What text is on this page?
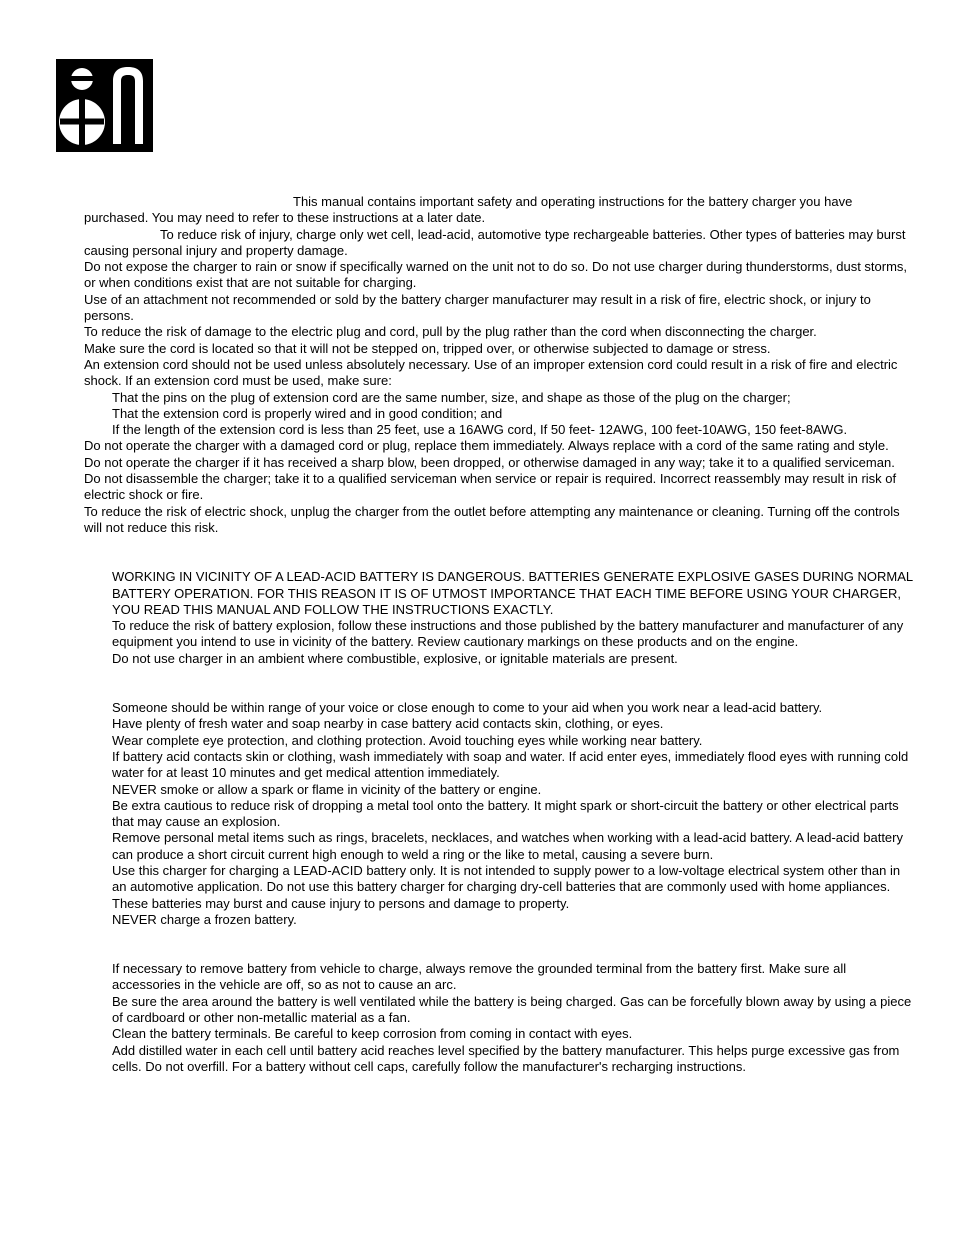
This manual contains important safety and operating instructions for the battery charger you have purchased. You may need to refer to these instructions at a later date.

To reduce risk of injury, charge only wet cell, lead-acid, automotive type rechargeable batteries. Other types of batteries may burst causing personal injury and property damage.

Do not expose the charger to rain or snow if specifically warned on the unit not to do so. Do not use charger during thunderstorms, dust storms, or when conditions exist that are not suitable for charging.

Use of an attachment not recommended or sold by the battery charger manufacturer may result in a risk of fire, electric shock, or injury to persons.

To reduce the risk of damage to the electric plug and cord, pull by the plug rather than the cord when disconnecting the charger.

Make sure the cord is located so that it will not be stepped on, tripped over, or otherwise subjected to damage or stress.

An extension cord should not be used unless absolutely necessary. Use of an improper extension cord could result in a risk of fire and electric shock. If an extension cord must be used, make sure:

That the pins on the plug of extension cord are the same number, size, and shape as those of the plug on the charger;

That the extension cord is properly wired and in good condition; and

If the length of the extension cord is less than 25 feet, use a 16AWG cord, If 50 feet- 12AWG, 100 feet-10AWG, 150 feet-8AWG.

Do not operate the charger with a damaged cord or plug, replace them immediately. Always replace with a cord of the same rating and style.

Do not operate the charger if it has received a sharp blow, been dropped, or otherwise damaged in any way; take it to a qualified serviceman.

Do not disassemble the charger; take it to a qualified serviceman when service or repair is required. Incorrect reassembly may result in risk of electric shock or fire.

To reduce the risk of electric shock, unplug the charger from the outlet before attempting any maintenance or cleaning. Turning off the controls will not reduce this risk.

WORKING IN VICINITY OF A LEAD-ACID BATTERY IS DANGEROUS. BATTERIES GENERATE EXPLOSIVE GASES DURING NORMAL BATTERY OPERATION. FOR THIS REASON IT IS OF UTMOST IMPORTANCE THAT EACH TIME BEFORE USING YOUR CHARGER, YOU READ THIS MANUAL AND FOLLOW THE INSTRUCTIONS EXACTLY.

To reduce the risk of battery explosion, follow these instructions and those published by the battery manufacturer and manufacturer of any equipment you intend to use in vicinity of the battery. Review cautionary markings on these products and on the engine.

Do not use charger in an ambient where combustible, explosive, or ignitable materials are present.

Someone should be within range of your voice or close enough to come to your aid when you work near a lead-acid battery.

Have plenty of fresh water and soap nearby in case battery acid contacts skin, clothing, or eyes.

Wear complete eye protection, and clothing protection. Avoid touching eyes while working near battery.

If battery acid contacts skin or clothing, wash immediately with soap and water. If acid enter eyes, immediately flood eyes with running cold water for at least 10 minutes and get medical attention immediately.

NEVER smoke or allow a spark or flame in vicinity of the battery or engine.

Be extra cautious to reduce risk of dropping a metal tool onto the battery. It might spark or short-circuit the battery or other electrical parts that may cause an explosion.

Remove personal metal items such as rings, bracelets, necklaces, and watches when working with a lead-acid battery. A lead-acid battery can produce a short circuit current high enough to weld a ring or the like to metal, causing a severe burn.

Use this charger for charging a LEAD-ACID battery only. It is not intended to supply power to a low-voltage electrical system other than in an automotive application. Do not use this battery charger for charging dry-cell batteries that are commonly used with home appliances. These batteries may burst and cause injury to persons and damage to property.

NEVER charge a frozen battery.

If necessary to remove battery from vehicle to charge, always remove the grounded terminal from the battery first. Make sure all accessories in the vehicle are off, so as not to cause an arc.

Be sure the area around the battery is well ventilated while the battery is being charged. Gas can be forcefully blown away by using a piece of cardboard or other non-metallic material as a fan.

Clean the battery terminals. Be careful to keep corrosion from coming in contact with eyes.

Add distilled water in each cell until battery acid reaches level specified by the battery manufacturer. This helps purge excessive gas from cells. Do not overfill. For a battery without cell caps, carefully follow the manufacturer's recharging instructions.
